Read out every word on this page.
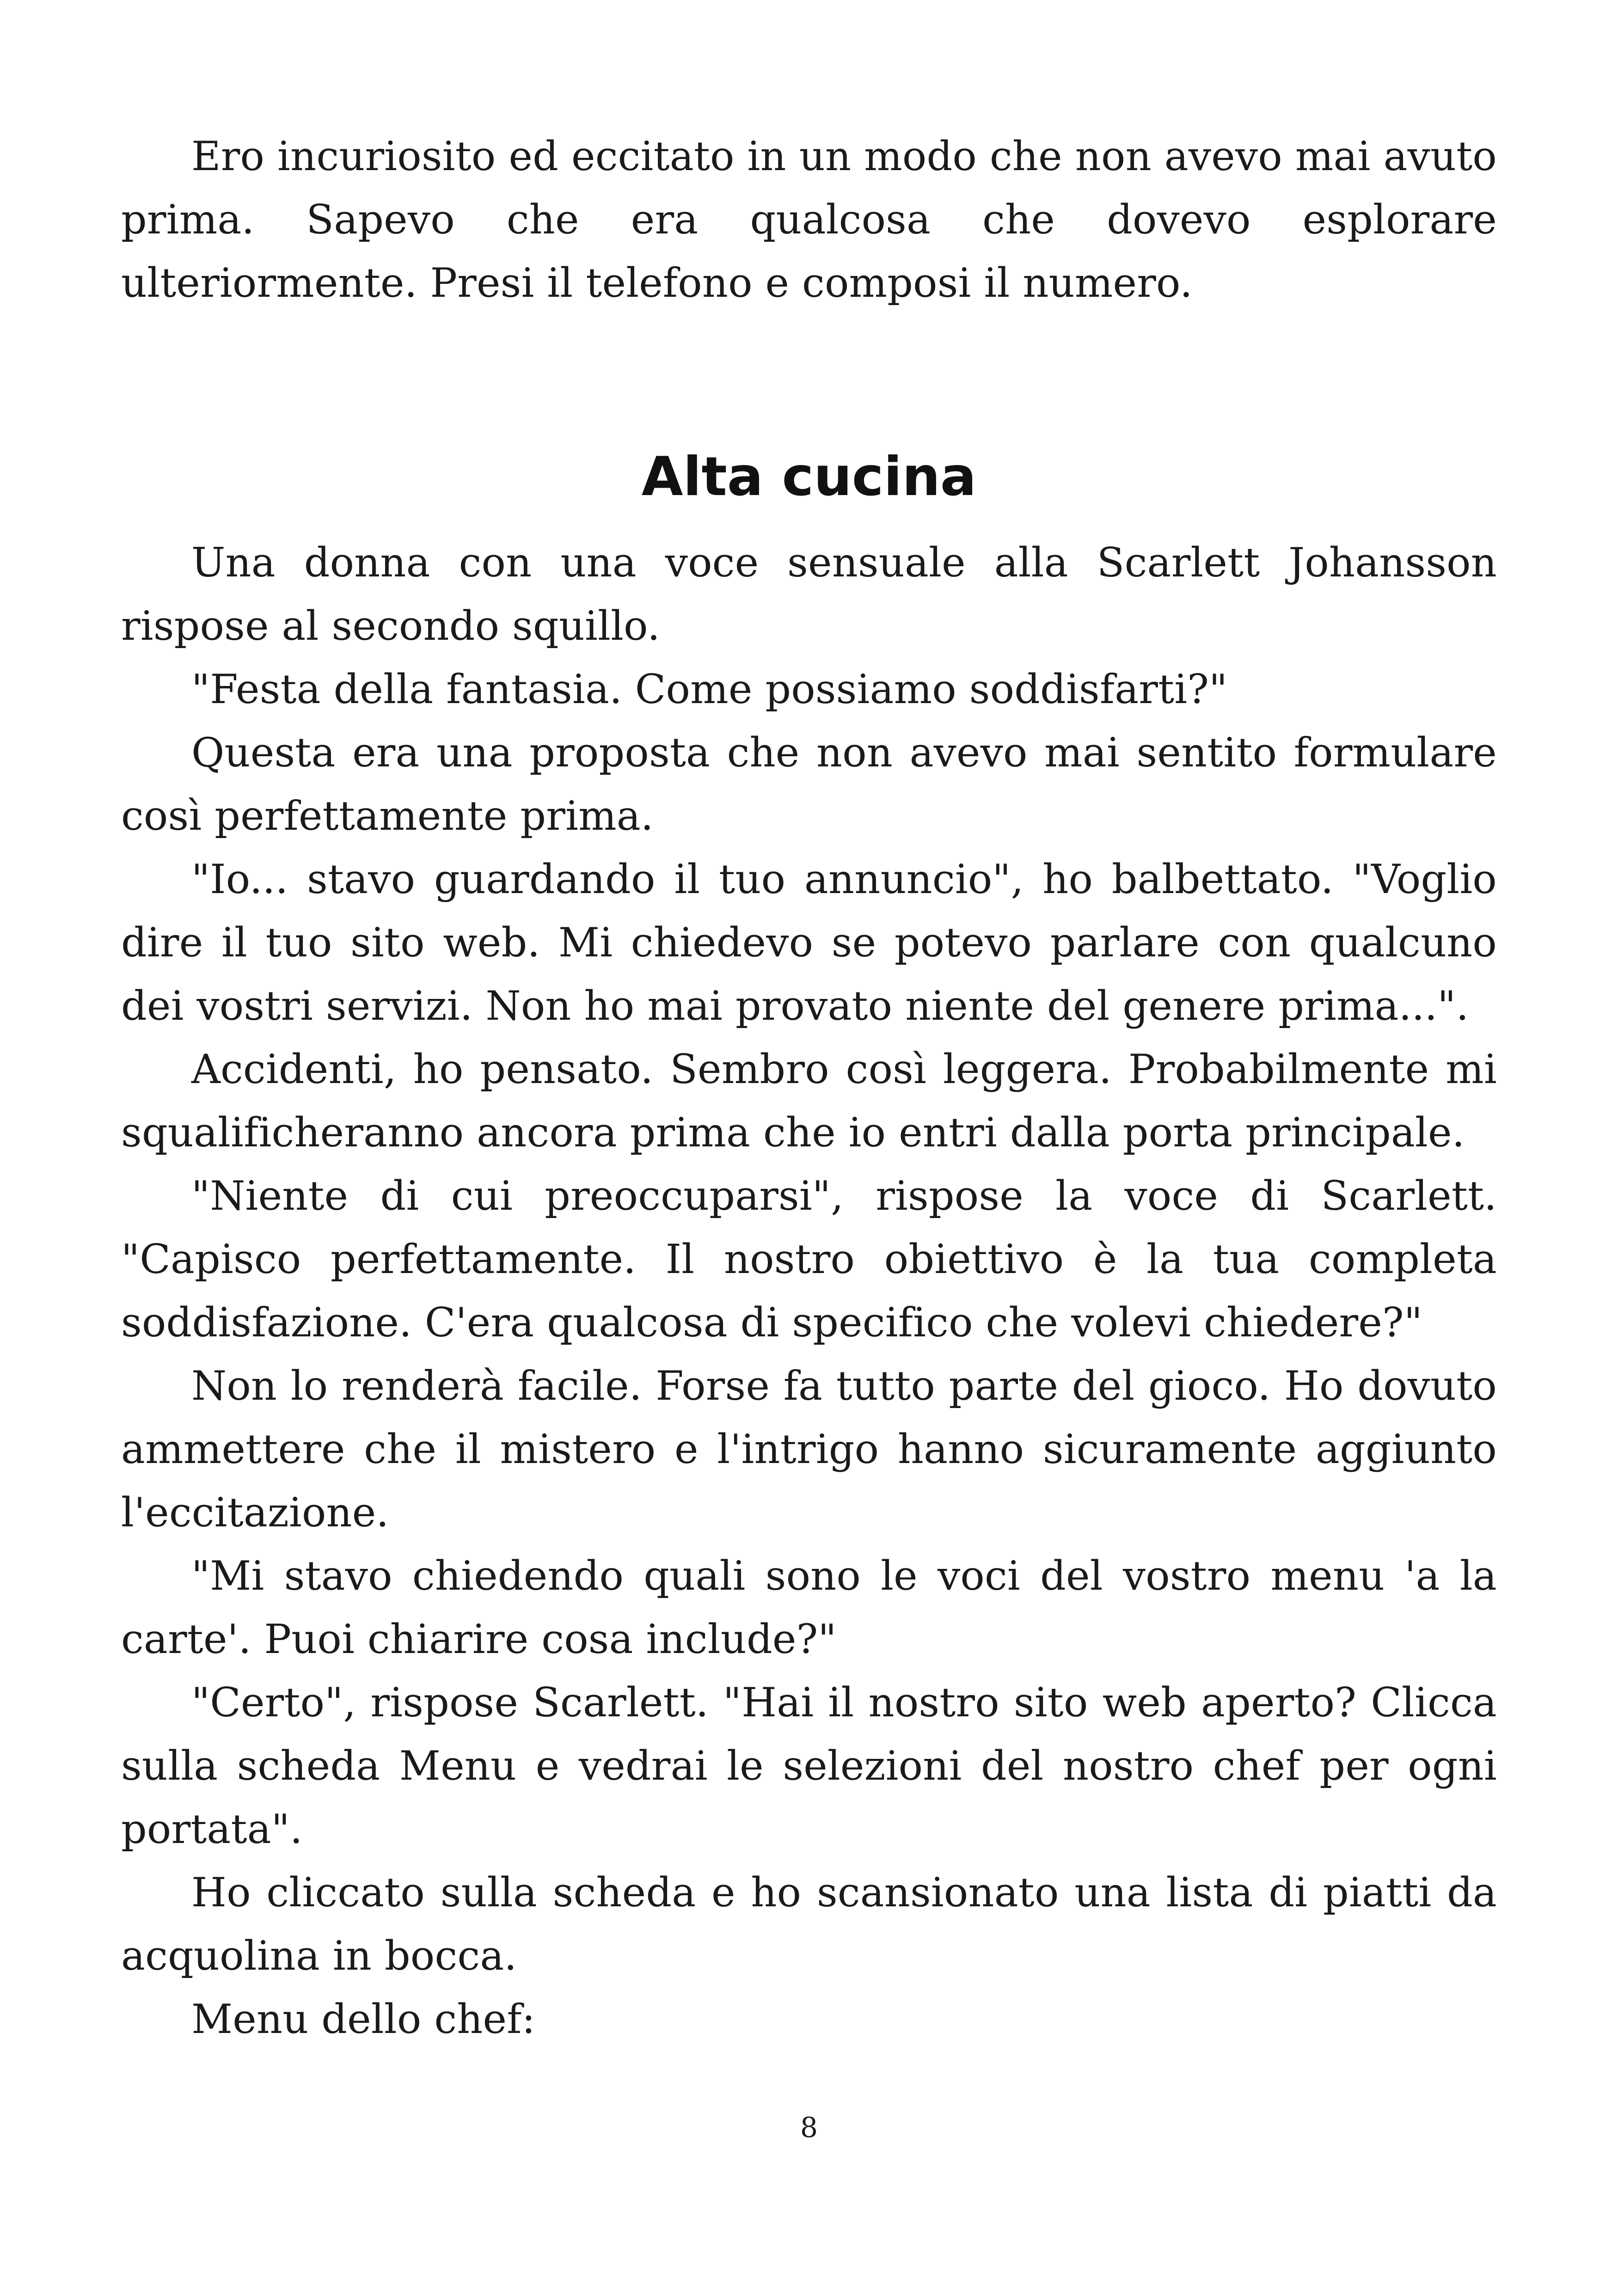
Ero incuriosito ed eccitato in un modo che non avevo mai avuto prima. Sapevo che era qualcosa che dovevo esplorare ulteriormente. Presi il telefono e composi il numero.

Alta cucina

Una donna con una voce sensuale alla Scarlett Johansson rispose al secondo squillo.

"Festa della fantasia. Come possiamo soddisfarti?"

Questa era una proposta che non avevo mai sentito formulare così perfettamente prima.

"Io... stavo guardando il tuo annuncio", ho balbettato. "Voglio dire il tuo sito web. Mi chiedevo se potevo parlare con qualcuno dei vostri servizi. Non ho mai provato niente del genere prima...".

Accidenti, ho pensato. Sembro così leggera. Probabilmente mi squalificheranno ancora prima che io entri dalla porta principale.

"Niente di cui preoccuparsi", rispose la voce di Scarlett. "Capisco perfettamente. Il nostro obiettivo è la tua completa soddisfazione. C'era qualcosa di specifico che volevi chiedere?"

Non lo renderà facile. Forse fa tutto parte del gioco. Ho dovuto ammettere che il mistero e l'intrigo hanno sicuramente aggiunto l'eccitazione.

"Mi stavo chiedendo quali sono le voci del vostro menu 'a la carte'. Puoi chiarire cosa include?"

"Certo", rispose Scarlett. "Hai il nostro sito web aperto? Clicca sulla scheda Menu e vedrai le selezioni del nostro chef per ogni portata".

Ho cliccato sulla scheda e ho scansionato una lista di piatti da acquolina in bocca.

Menu dello chef:

8
